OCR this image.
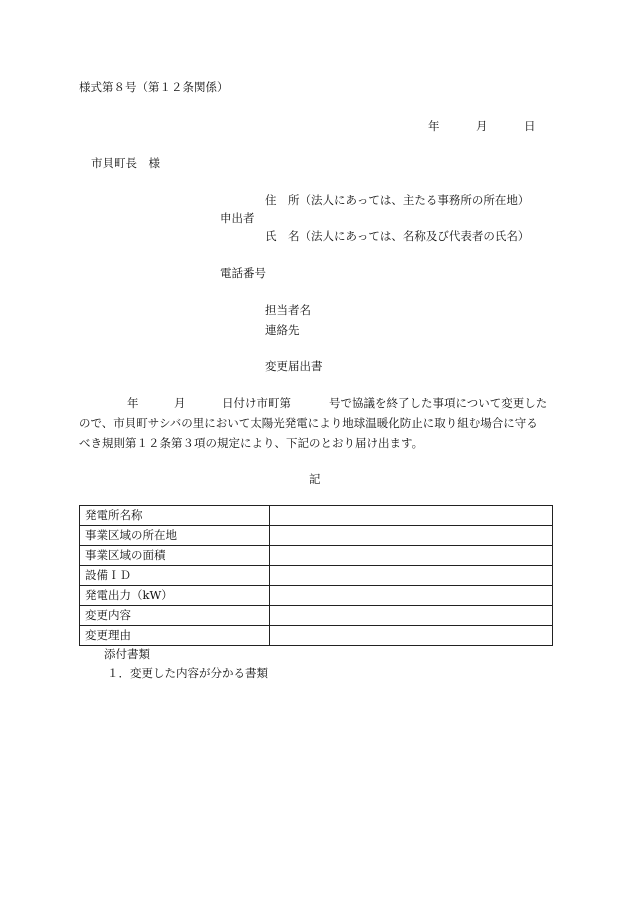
様式第８号（第１２条関係）
年	月	日
市貝町長　様
住　所（法人にあっては、主たる事務所の所在地）
申出者
氏　名（法人にあっては、名称及び代表者の氏名）
電話番号
担当者名
連絡先
変更届出書
年	月	日付け市町第	号で協議を終了した事項について変更した
ので、市貝町サシバの里において太陽光発電により地球温暖化防止に取り組む場合に守る
べき規則第１２条第３項の規定により、下記のとおり届け出ます。
記
発電所名称	
事業区域の所在地	
事業区域の面積	
設備ＩＤ	
発電出力（kW）	
変更内容	
変更理由	
添付書類
１．変更した内容が分かる書類
